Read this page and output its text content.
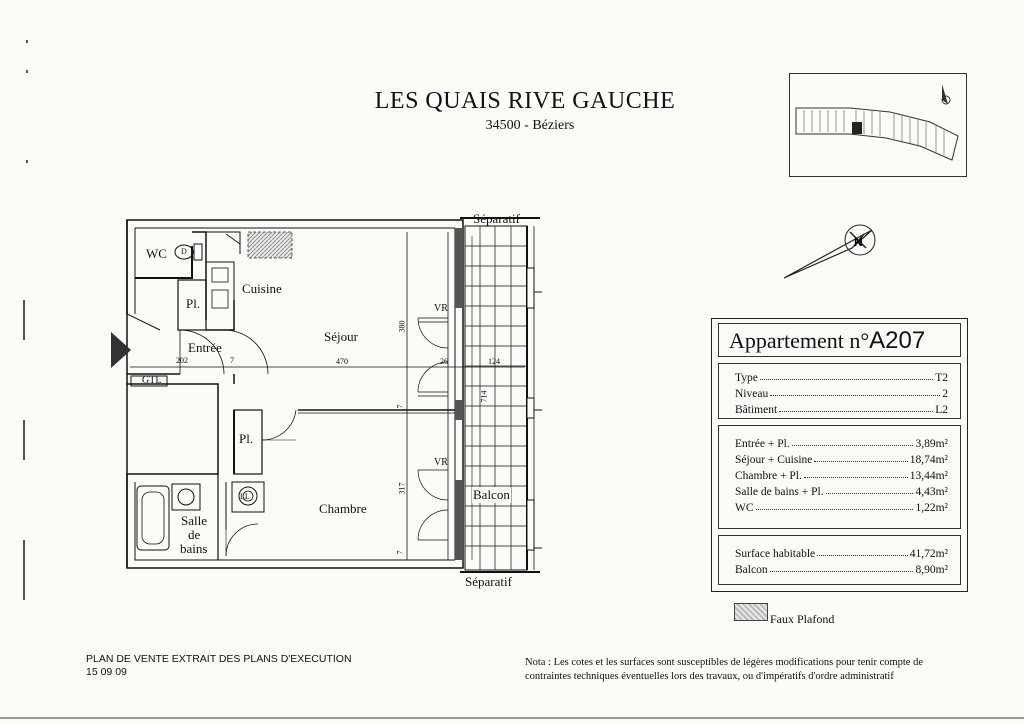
LES QUAIS RIVE GAUCHE
34500 - Béziers
N
WC D
Pl.
Cuisine
Entrée
Séjour
GTL
Pl.
Chambre
Salle
de
bains
LL	Balcon
Séparatif
Séparatif
VR
VR
202	7	470	26	124
380
7
714
317
7
Appartement n°A207
Type	T2
Niveau	2
Bâtiment	L2
Entrée + Pl.	3,89m²
Séjour + Cuisine	18,74m²
Chambre + Pl.	13,44m²
Salle de bains + Pl.	4,43m²
WC	1,22m²
Surface habitable	41,72m²
Balcon	8,90m²
Faux Plafond
PLAN DE VENTE EXTRAIT DES PLANS D'EXECUTION
15 09 09
Nota : Les cotes et les surfaces sont susceptibles de légères modifications pour tenir compte de contraintes techniques éventuelles lors des travaux, ou d'impératifs d'ordre administratif
